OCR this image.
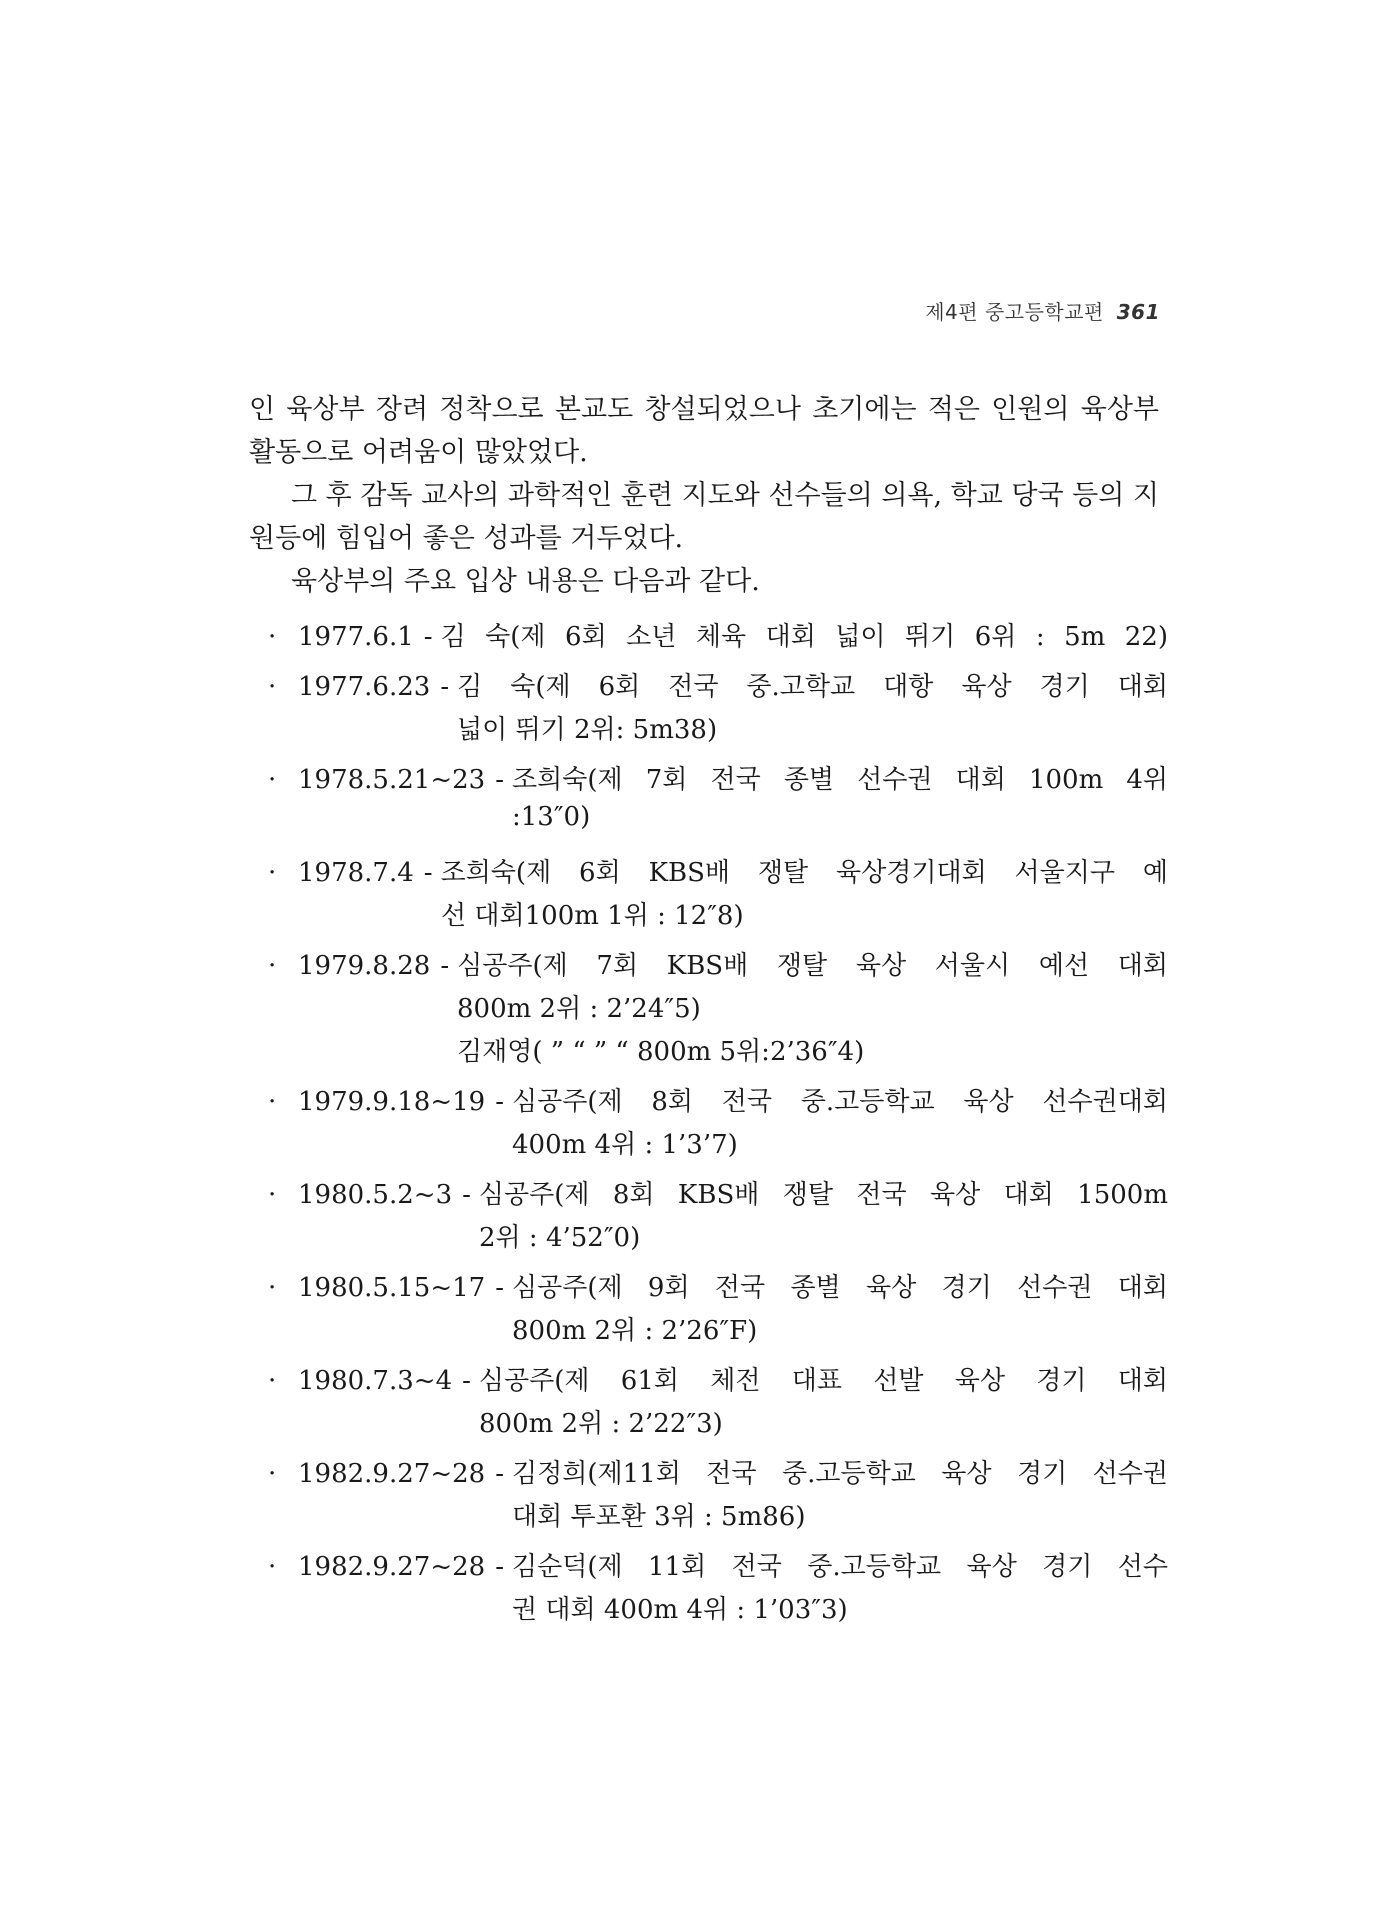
제4편 중고등학교편 361

인 육상부 장려 정착으로 본교도 창설되었으나 초기에는 적은 인원의 육상부 활동으로 어려움이 많았었다.

그 후 감독 교사의 과학적인 훈련 지도와 선수들의 의욕, 학교 당국 등의 지원등에 힘입어 좋은 성과를 거두었다.

육상부의 주요 입상 내용은 다음과 같다.

· 1977.6.1 - 김 숙(제 6회 소년 체육 대회 넓이 뛰기 6위 : 5m 22)
· 1977.6.23 - 김 숙(제 6회 전국 중.고학교 대항 육상 경기 대회
넓이 뛰기 2위: 5m38)
· 1978.5.21~23 - 조희숙(제 7회 전국 종별 선수권 대회 100m 4위
:13″0)
· 1978.7.4 - 조희숙(제 6회 KBS배 쟁탈 육상경기대회 서울지구 예
선 대회100m 1위 : 12″8)
· 1979.8.28 - 심공주(제 7회 KBS배 쟁탈 육상 서울시 예선 대회
800m 2위 : 2’24″5)
김재영( ” “ ” “ 800m 5위:2’36″4)
· 1979.9.18~19 - 심공주(제 8회 전국 중.고등학교 육상 선수권대회
400m 4위 : 1’3’7)
· 1980.5.2~3 - 심공주(제 8회 KBS배 쟁탈 전국 육상 대회 1500m
2위 : 4’52″0)
· 1980.5.15~17 - 심공주(제 9회 전국 종별 육상 경기 선수권 대회
800m 2위 : 2’26″F)
· 1980.7.3~4 - 심공주(제 61회 체전 대표 선발 육상 경기 대회
800m 2위 : 2’22″3)
· 1982.9.27~28 - 김정희(제11회 전국 중.고등학교 육상 경기 선수권
대회 투포환 3위 : 5m86)
· 1982.9.27~28 - 김순덕(제 11회 전국 중.고등학교 육상 경기 선수
권 대회 400m 4위 : 1’03″3)
